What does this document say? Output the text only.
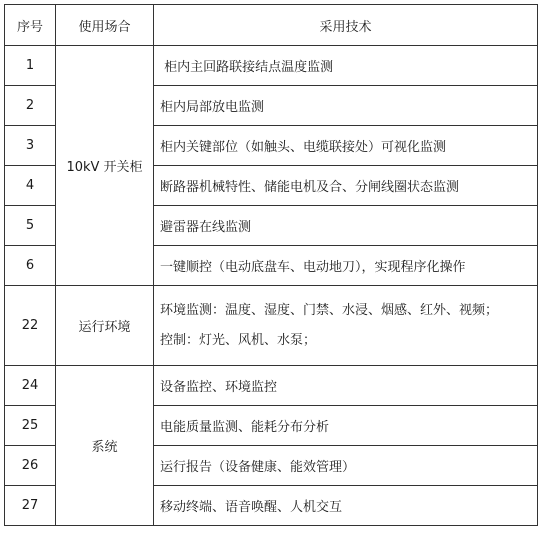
序号	使用场合	采用技术
1	10kV 开关柜	柜内主回路联接结点温度监测
2		柜内局部放电监测
3		柜内关键部位（如触头、电缆联接处）可视化监测
4		断路器机械特性、储能电机及合、分闸线圈状态监测
5		避雷器在线监测
6		一键顺控（电动底盘车、电动地刀），实现程序化操作
22	运行环境	环境监测：温度、湿度、门禁、水浸、烟感、红外、视频；
控制：灯光、风机、水泵；

24	系统	设备监控、环境监控
25		电能质量监测、能耗分布分析
26		运行报告（设备健康、能效管理）
27		移动终端、语音唤醒、人机交互
